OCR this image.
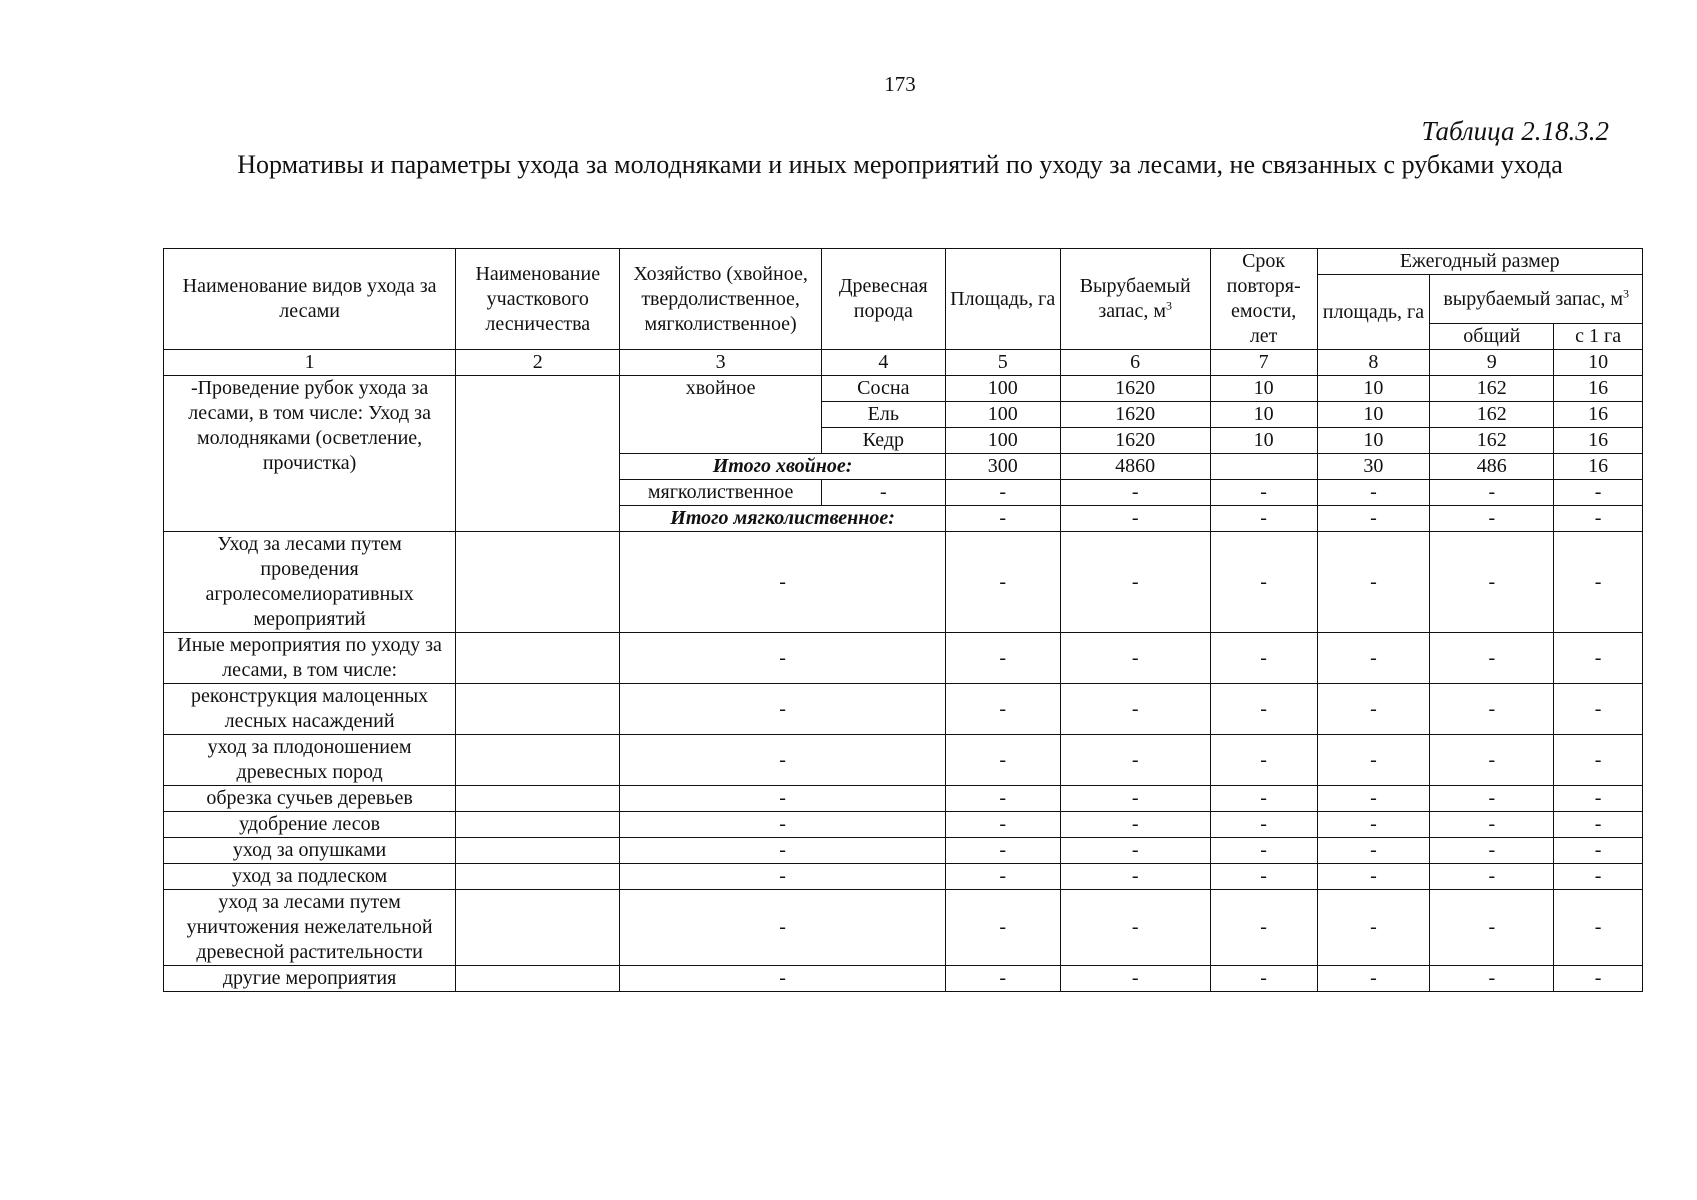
173
Таблица 2.18.3.2
Нормативы и параметры ухода за молодняками и иных мероприятий по уходу за лесами, не связанных с рубками ухода
Наименование видов ухода за лесами	Наименование участкового лесничества	Хозяйство (хвойное, твердолиственное, мягколиственное)	Древесная порода	Площадь, га	Вырубаемый запас, $м^3$	Срок повторя-емости, лет	Ежегодный размер		
							площадь, га	вырубаемый запас, $м^3$
								общий	с 1 га
1	2	3	4	5	6	7	8	9	10
-Проведение рубок ухода за лесами, в том числе: Уход за молодняками (осветление, прочистка)		хвойное	Сосна	100	1620	10	10	162	16
			Ель	100	1620	10	10	162	16
			Кедр	100	1620	10	10	162	16
		Итого хвойное:		300	4860		30	486	16
		мягколиственное	-	-	-	-	-	-	-
		Итого мягколиственное:		-	-	-	-	-	-
Уход за лесами путем проведения агролесомелиоративных мероприятий		-		-	-	-	-	-	-
Иные мероприятия по уходу за лесами, в том числе:		-		-	-	-	-	-	-
реконструкция малоценных лесных насаждений		-		-	-	-	-	-	-
уход за плодоношением древесных пород		-		-	-	-	-	-	-
обрезка сучьев деревьев		-		-	-	-	-	-	-
удобрение лесов		-		-	-	-	-	-	-
уход за опушками		-		-	-	-	-	-	-
уход за подлеском		-		-	-	-	-	-	-
уход за лесами путем уничтожения нежелательной древесной растительности		-		-	-	-	-	-	-
другие мероприятия		-		-	-	-	-	-	-
